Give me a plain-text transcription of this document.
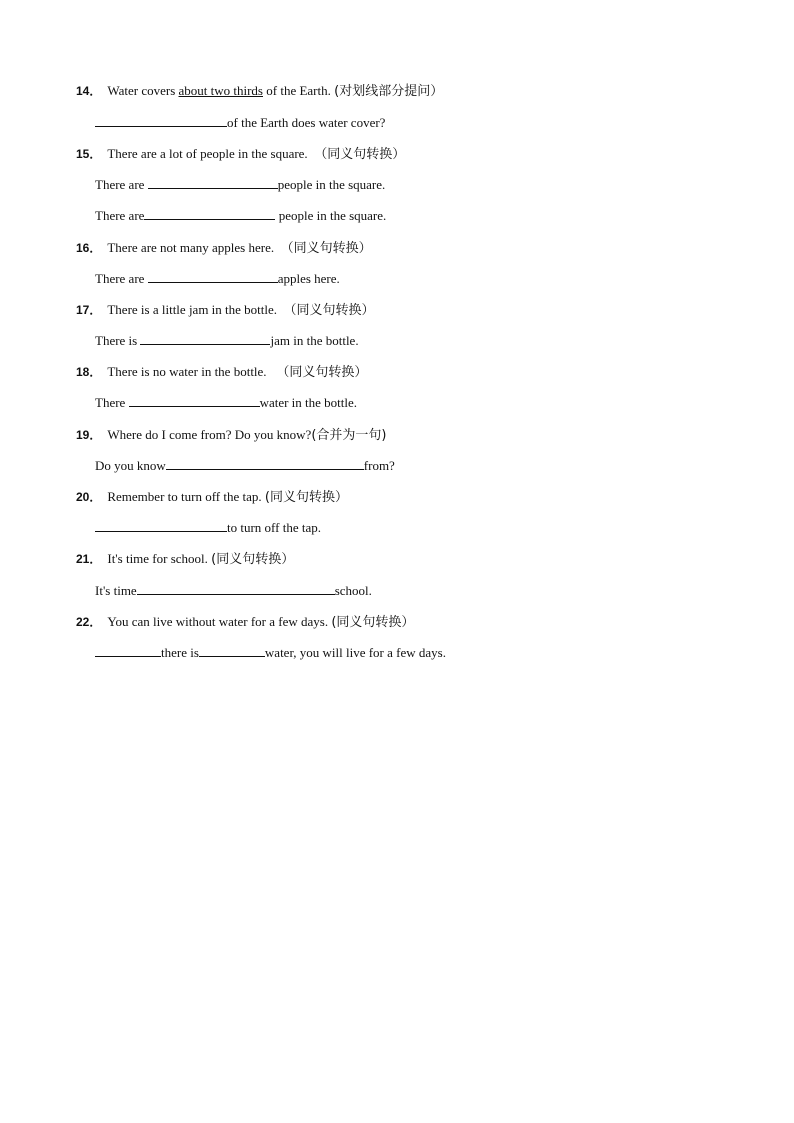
14． Water covers about two thirds of the Earth. (对划线部分提问）
of the Earth does water cover?
15． There are a lot of people in the square. （同义句转换）
There are	people in the square.
There are	people in the square.
16． There are not many apples here. （同义句转换）
There are	apples here.
17． There is a little jam in the bottle. （同义句转换）
There is	jam in the bottle.
18． There is no water in the bottle. （同义句转换）
There	water in the bottle.
19． Where do I come from? Do you know?(合并为一句)
Do you know	from?
20． Remember to turn off the tap. (同义句转换）
to turn off the tap.
21． It's time for school. (同义句转换）
It's time	school.
22． You can live without water for a few days. (同义句转换）
there is	water, you will live for a few days.
